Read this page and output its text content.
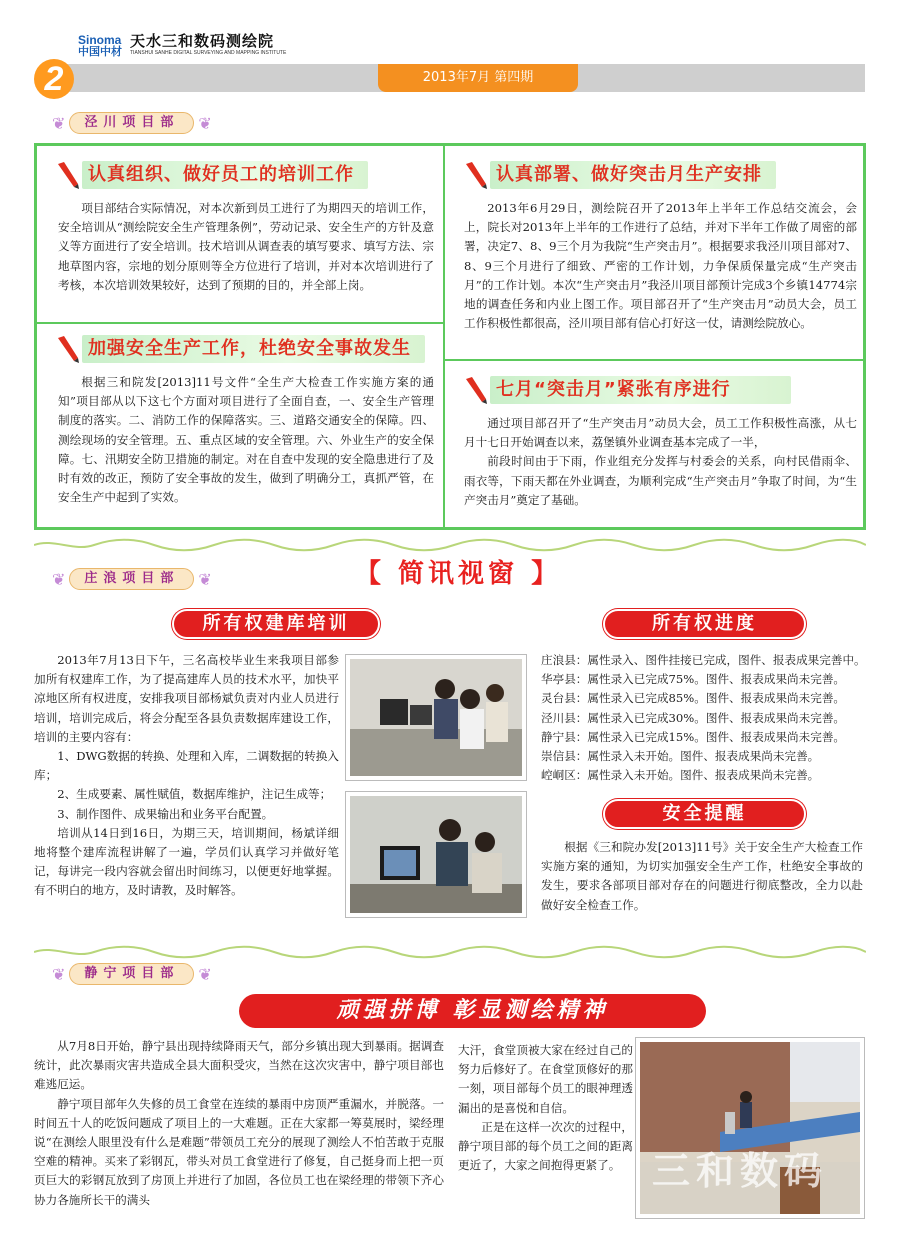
Sinoma
中国中材
天水三和数码测绘院
TIANSHUI SANHE DIGITAL SURVEYING AND MAPPING INSTITUTE
2	2013年7月 第四期
❦	泾川项目部	❦
认真组织、做好员工的培训工作

项目部结合实际情况，对本次新到员工进行了为期四天的培训工作，安全培训从“测绘院安全生产管理条例”，劳动记录、安全生产的方针及意义等方面进行了安全培训。技术培训从调查表的填写要求、填写方法、宗地草图内容，宗地的划分原则等全方位进行了培训，并对本次培训进行了考核，本次培训效果较好，达到了预期的目的，并全部上岗。

加强安全生产工作，杜绝安全事故发生

根据三和院发[2013]11号文件“全生产大检查工作实施方案的通知”项目部从以下这七个方面对项目进行了全面自查，一、安全生产管理制度的落实。二、消防工作的保障落实。三、道路交通安全的保障。四、测绘现场的安全管理。五、重点区域的安全管理。六、外业生产的安全保障。七、汛期安全防卫措施的制定。对在自查中发现的安全隐患进行了及时有效的改正，预防了安全事故的发生，做到了明确分工，真抓严管，在安全生产中起到了实效。

认真部署、做好突击月生产安排

2013年6月29日，测绘院召开了2013年上半年工作总结交流会，会上，院长对2013年上半年的工作进行了总结，并对下半年工作做了周密的部署，决定7、8、9三个月为我院“生产突击月”。根据要求我泾川项目部对7、8、9三个月进行了细致、严密的工作计划，力争保质保量完成“生产突击月”的工作计划。本次“生产突击月”我泾川项目部预计完成3个乡镇14774宗地的调查任务和内业上图工作。项目部召开了“生产突击月”动员大会，员工工作积极性都很高，泾川项目部有信心打好这一仗，请测绘院放心。

七月“突击月”紧张有序进行

通过项目部召开了“生产突击月”动员大会，员工工作积极性高涨，从七月十七日开始调查以来，荔堡镇外业调查基本完成了一半，

前段时间由于下雨，作业组充分发挥与村委会的关系，向村民借雨伞、雨衣等，下雨天都在外业调查，为顺利完成“生产突击月”争取了时间，为“生产突击月”奠定了基础。

❦	庄浪项目部	❦	【 简讯视窗 】
所有权建库培训

2013年7月13日下午，三名高校毕业生来我项目部参加所有权建库工作，为了提高建库人员的技术水平，加快平凉地区所有权进度，安排我项目部杨斌负责对内业人员进行培训，培训完成后，将会分配至各县负责数据库建设工作，培训的主要内容有：

1、DWG数据的转换、处理和入库，二调数据的转换入库；

2、生成要素、属性赋值，数据库维护，注记生成等；

3、制作图件、成果输出和业务平台配置。

培训从14日到16日，为期三天，培训期间，杨斌详细地将整个建库流程讲解了一遍，学员们认真学习并做好笔记，每讲完一段内容就会留出时间练习，以便更好地掌握。有不明白的地方，及时请教，及时解答。

所有权进度
庄浪县：属性录入、图件挂接已完成，图件、报表成果完善中。
华亭县：属性录入已完成75%。图件、报表成果尚未完善。
灵台县：属性录入已完成85%。图件、报表成果尚未完善。
泾川县：属性录入已完成30%。图件、报表成果尚未完善。
静宁县：属性录入已完成15%。图件、报表成果尚未完善。
崇信县：属性录入未开始。图件、报表成果尚未完善。
崆峒区：属性录入未开始。图件、报表成果尚未完善。
安全提醒

根据《三和院办发[2013]11号》关于安全生产大检查工作实施方案的通知，为切实加强安全生产工作，杜绝安全事故的发生，要求各部项目部对存在的问题进行彻底整改，全力以赴做好安全检查工作。

❦	静宁项目部	❦
顽强拼博 彰显测绘精神

从7月8日开始，静宁县出现持续降雨天气，部分乡镇出现大到暴雨。据调查统计，此次暴雨灾害共造成全县大面积受灾，当然在这次灾害中，静宁项目部也难逃厄运。

静宁项目部年久失修的员工食堂在连续的暴雨中房顶严重漏水，并脱落。一时间五十人的吃饭问题成了项目上的一大难题。正在大家都一筹莫展时，梁经理说“在测绘人眼里没有什么是难题”带领员工充分的展现了测绘人不怕苦敢于克服空难的精神。买来了彩钢瓦，带头对员工食堂进行了修复，自己挺身而上把一页页巨大的彩钢瓦放到了房顶上并进行了加固，各位员工也在梁经理的带领下齐心协力各施所长干的满头

大汗，食堂顶被大家在经过自己的努力后修好了。在食堂顶修好的那一刻，项目部每个员工的眼神理透漏出的是喜悦和自信。

正是在这样一次次的过程中，静宁项目部的每个员工之间的距离更近了，大家之间抱得更紧了。 三和数码
